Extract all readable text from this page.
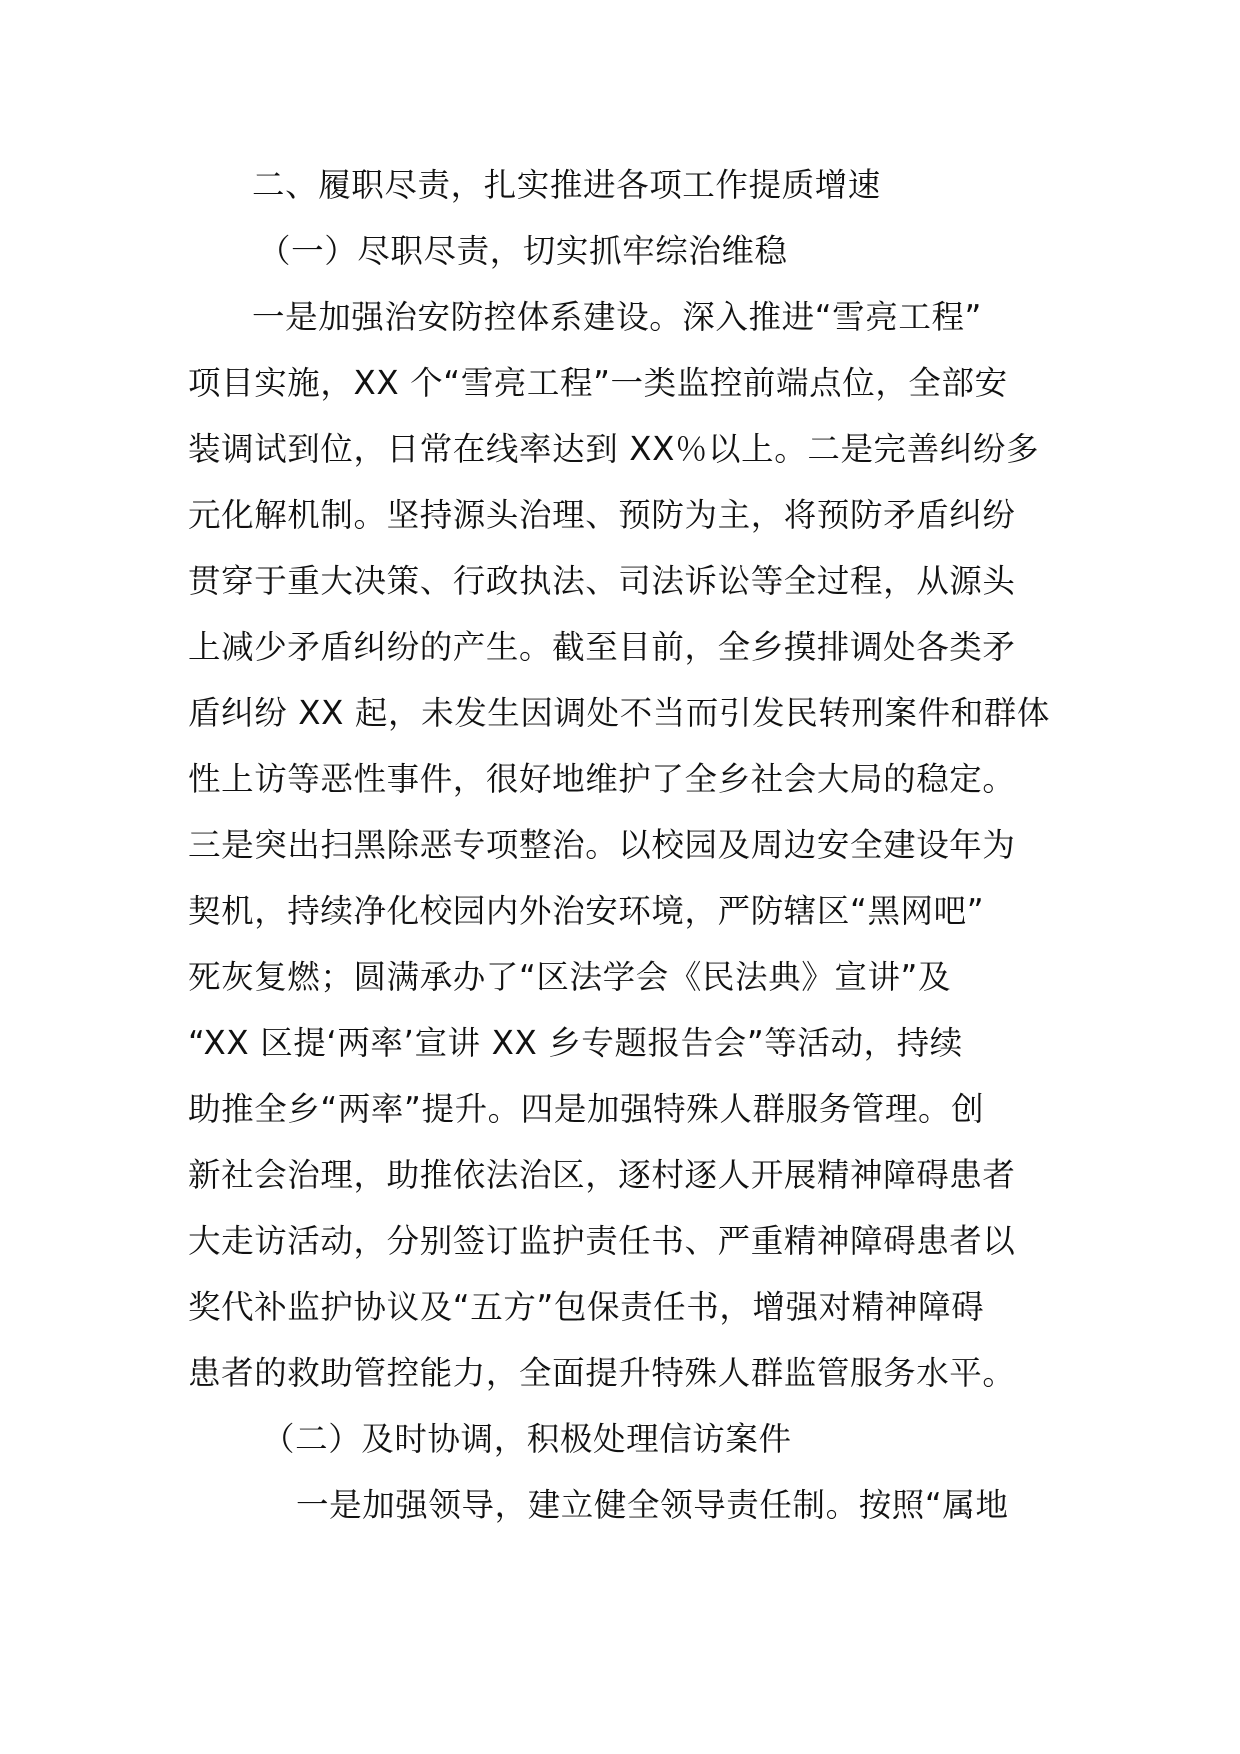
二、履职尽责，扎实推进各项工作提质增速
（一）尽职尽责，切实抓牢综治维稳
一是加强治安防控体系建设。深入推进“雪亮工程”
项目实施，XX 个“雪亮工程”一类监控前端点位，全部安
装调试到位，日常在线率达到 XX％以上。二是完善纠纷多
元化解机制。坚持源头治理、预防为主，将预防矛盾纠纷
贯穿于重大决策、行政执法、司法诉讼等全过程，从源头
上减少矛盾纠纷的产生。截至目前，全乡摸排调处各类矛
盾纠纷 XX 起，未发生因调处不当而引发民转刑案件和群体
性上访等恶性事件，很好地维护了全乡社会大局的稳定。
三是突出扫黑除恶专项整治。以校园及周边安全建设年为
契机，持续净化校园内外治安环境，严防辖区“黑网吧”
死灰复燃；圆满承办了“区法学会《民法典》宣讲”及
“XX 区提‘两率’宣讲 XX 乡专题报告会”等活动，持续
助推全乡“两率”提升。四是加强特殊人群服务管理。创
新社会治理，助推依法治区，逐村逐人开展精神障碍患者
大走访活动，分别签订监护责任书、严重精神障碍患者以
奖代补监护协议及“五方”包保责任书，增强对精神障碍
患者的救助管控能力，全面提升特殊人群监管服务水平。
（二）及时协调，积极处理信访案件
一是加强领导，建立健全领导责任制。按照“属地
